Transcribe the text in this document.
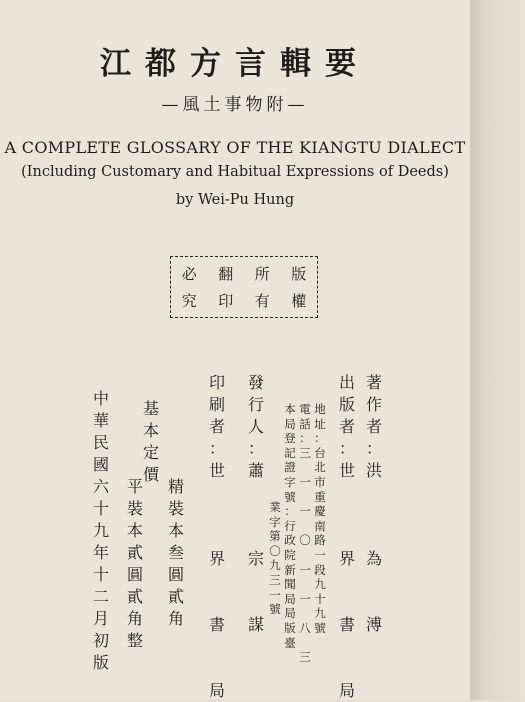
江都方言輯要
—風土事物附—
A COMPLETE GLOSSARY OF THE KIANGTU DIALECT
(Including Customary and Habitual Expressions of Deeds)
by Wei-Pu Hung
必 翻 所 版
究 印 有 權
著
作
者
：
洪

為

溥
出
版
者
：
世

界

書

局
地
址
：
台
北
市
重
慶
南
路
一
段
九
十
九
號
電
話
：
三

一

一

〇

一

一

八

三
本
局
登
記
證
字
號
：
行
政
院
新
聞
局
局
版
臺
業
字
第
〇
九
三
一
號
發
行
人
：
蕭

宗

謀
印
刷
者
：
世

界

書

局
精
裝
本
叁
圓
貳
角
基
本
定
價
平
裝
本
貳
圓
貳
角
整
中
華
民
國
六
十
九
年
十
二
月
初
版
